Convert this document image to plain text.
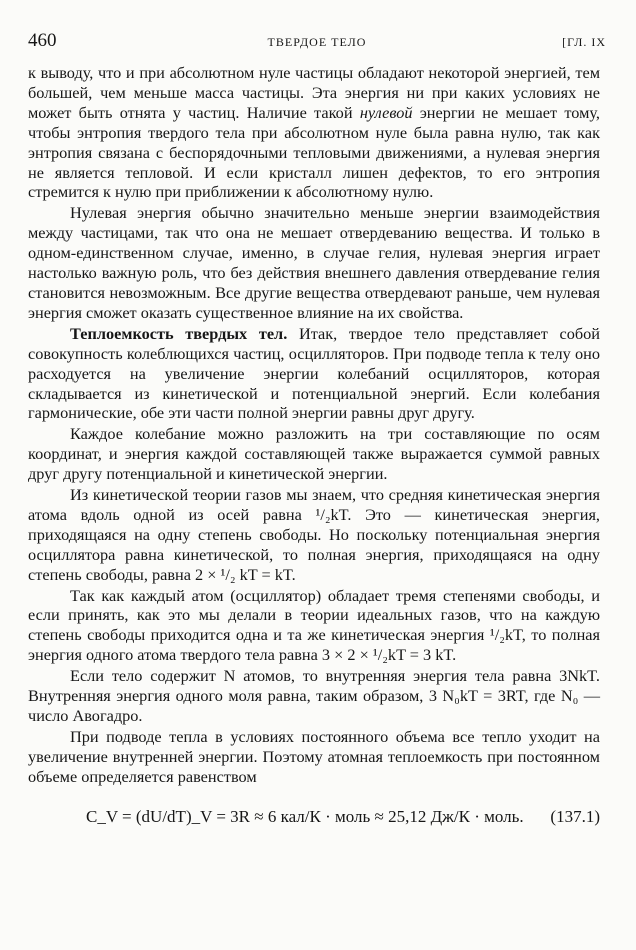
460	ТВЕРДОЕ ТЕЛО	[ГЛ. IX

к выводу, что и при абсолютном нуле частицы обладают некоторой энергией, тем большей, чем меньше масса частицы. Эта энергия ни при каких условиях не может быть отнята у частиц. Наличие такой нулевой энергии не мешает тому, чтобы энтропия твердого тела при абсолютном нуле была равна нулю, так как энтропия связана с беспорядочными тепловыми движениями, а нулевая энергия не является тепловой. И если кристалл лишен дефектов, то его энтропия стремится к нулю при приближении к абсолютному нулю.

Нулевая энергия обычно значительно меньше энергии взаимодействия между частицами, так что она не мешает отвердеванию вещества. И только в одном-единственном случае, именно, в случае гелия, нулевая энергия играет настолько важную роль, что без действия внешнего давления отвердевание гелия становится невозможным. Все другие вещества отвердевают раньше, чем нулевая энергия сможет оказать существенное влияние на их свойства.

Теплоемкость твердых тел. Итак, твердое тело представляет собой совокупность колеблющихся частиц, осцилляторов. При подводе тепла к телу оно расходуется на увеличение энергии колебаний осцилляторов, которая складывается из кинетической и потенциальной энергий. Если колебания гармонические, обе эти части полной энергии равны друг другу.

Каждое колебание можно разложить на три составляющие по осям координат, и энергия каждой составляющей также выражается суммой равных друг другу потенциальной и кинетической энергии.

Из кинетической теории газов мы знаем, что средняя кинетическая энергия атома вдоль одной из осей равна ¹/₂kT. Это — кинетическая энергия, приходящаяся на одну степень свободы. Но поскольку потенциальная энергия осциллятора равна кинетической, то полная энергия, приходящаяся на одну степень свободы, равна 2 × ¹/₂ kT = kT.

Так как каждый атом (осциллятор) обладает тремя степенями свободы, и если принять, как это мы делали в теории идеальных газов, что на каждую степень свободы приходится одна и та же кинетическая энергия ¹/₂kT, то полная энергия одного атома твердого тела равна 3 × 2 × ¹/₂kT = 3 kT.

Если тело содержит N атомов, то внутренняя энергия тела равна 3NkT. Внутренняя энергия одного моля равна, таким образом, 3 N₀kT = 3RT, где N₀ — число Авогадро.

При подводе тепла в условиях постоянного объема все тепло уходит на увеличение внутренней энергии. Поэтому атомная теплоемкость при постоянном объеме определяется равенством

C_V = (dU/dT)_V = 3R ≈ 6 кал/К · моль ≈ 25,12 Дж/К · моль. (137.1)
